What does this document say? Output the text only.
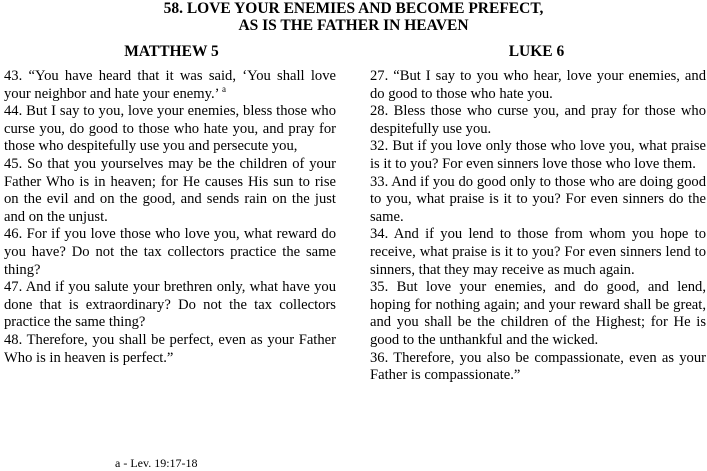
58. LOVE YOUR ENEMIES AND BECOME PREFECT,
AS IS THE FATHER IN HEAVEN
MATTHEW 5	LUKE 6

43. “You have heard that it was said, ‘You shall love your neighbor and hate your enemy.’ $^a$

44. But I say to you, love your enemies, bless those who curse you, do good to those who hate you, and pray for those who despitefully use you and persecute you,

45. So that you yourselves may be the children of your Father Who is in heaven; for He causes His sun to rise on the evil and on the good, and sends rain on the just and on the unjust.

46. For if you love those who love you, what reward do you have? Do not the tax collectors practice the same thing?

47. And if you salute your brethren only, what have you done that is extraordinary? Do not the tax collectors practice the same thing?

48. Therefore, you shall be perfect, even as your Father Who is in heaven is perfect.”

27. “But I say to you who hear, love your enemies, and do good to those who hate you.

28. Bless those who curse you, and pray for those who despitefully use you.

32. But if you love only those who love you, what praise is it to you? For even sinners love those who love them.

33. And if you do good only to those who are doing good to you, what praise is it to you? For even sinners do the same.

34. And if you lend to those from whom you hope to receive, what praise is it to you? For even sinners lend to sinners, that they may receive as much again.

35. But love your enemies, and do good, and lend, hoping for nothing again; and your reward shall be great, and you shall be the children of the Highest; for He is good to the unthankful and the wicked.

36. Therefore, you also be compassionate, even as your Father is compassionate.”

a - Lev. 19:17-18
